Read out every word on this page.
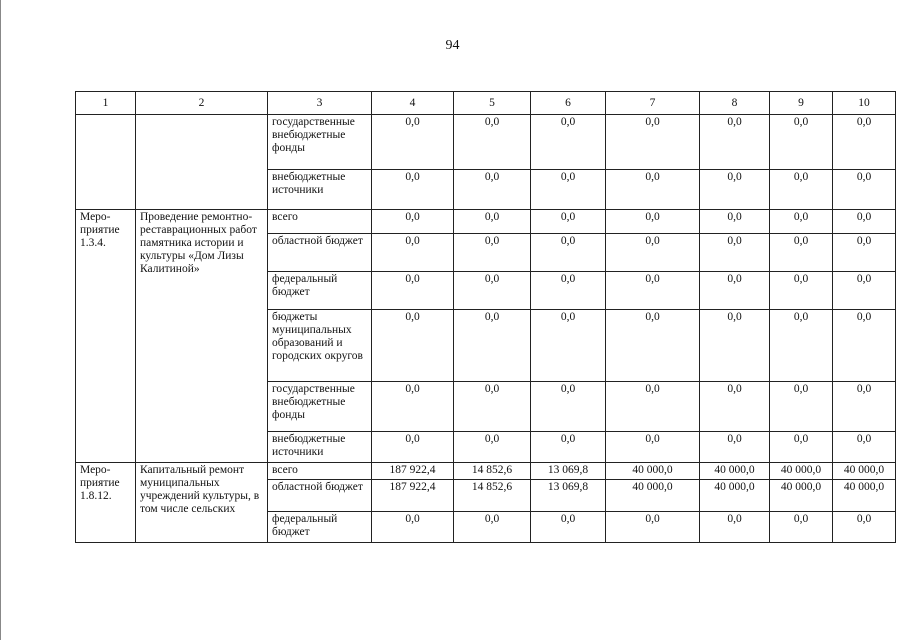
94
1	2	3	4	5	6	7	8	9	10
		государственные внебюджетные фонды	0,0	0,0	0,0	0,0	0,0	0,0	0,0
		внебюджетные источники	0,0	0,0	0,0	0,0	0,0	0,0	0,0
Меро-приятие 1.3.4.	Проведение ремонтно-реставрационных работ памятника истории и культуры «Дом Лизы Калитиной»	всего	0,0	0,0	0,0	0,0	0,0	0,0	0,0
		областной бюджет	0,0	0,0	0,0	0,0	0,0	0,0	0,0
		федеральный бюджет	0,0	0,0	0,0	0,0	0,0	0,0	0,0
		бюджеты муниципальных образований и городских округов	0,0	0,0	0,0	0,0	0,0	0,0	0,0
		государственные внебюджетные фонды	0,0	0,0	0,0	0,0	0,0	0,0	0,0
		внебюджетные источники	0,0	0,0	0,0	0,0	0,0	0,0	0,0
Меро-приятие 1.8.12.	Капитальный ремонт муниципальных учреждений культуры, в том числе сельских	всего	187 922,4	14 852,6	13 069,8	40 000,0	40 000,0	40 000,0	40 000,0
		областной бюджет	187 922,4	14 852,6	13 069,8	40 000,0	40 000,0	40 000,0	40 000,0
		федеральный бюджет	0,0	0,0	0,0	0,0	0,0	0,0	0,0
